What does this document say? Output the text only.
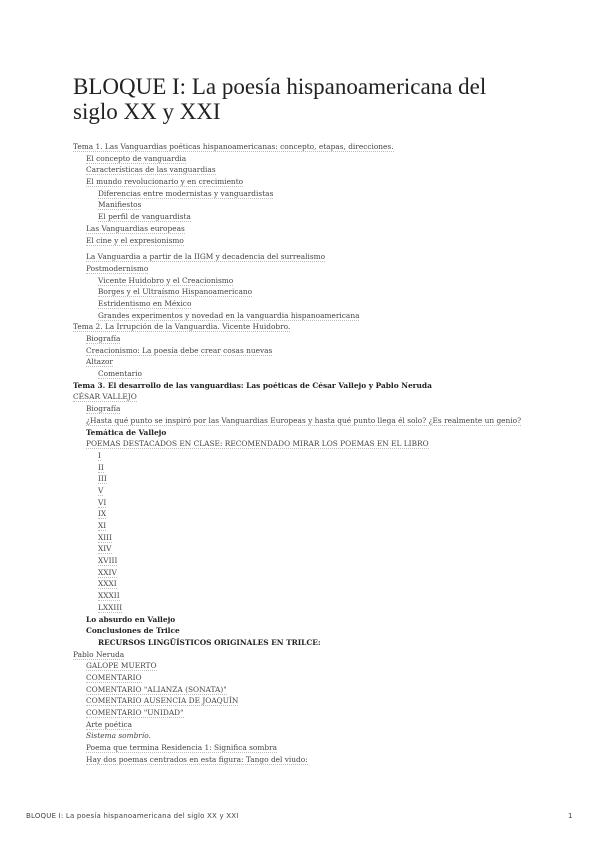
BLOQUE I: La poesía hispanoamericana del siglo XX y XXI
Tema 1. Las Vanguardias poéticas hispanoamericanas: concepto, etapas, direcciones.
El concepto de vanguardia
Características de las vanguardias
El mundo revolucionario y en crecimiento
Diferencias entre modernistas y vanguardistas
Manifiestos
El perfil de vanguardista
Las Vanguardias europeas
El cine y el expresionismo
La Vanguardia a partir de la IIGM y decadencia del surrealismo
Postmodernismo
Vicente Huidobro y el Creacionismo
Borges y el Ultraísmo Hispanoamericano
Estridentismo en México
Grandes experimentos y novedad en la vanguardia hispanoamericana
Tema 2. La Irrupción de la Vanguardia. Vicente Huidobro.
Biografía
Creacionismo: La poesía debe crear cosas nuevas
Altazor
Comentario
Tema 3. El desarrollo de las vanguardias: Las poéticas de César Vallejo y Pablo Neruda
CÉSAR VALLEJO
Biografía
¿Hasta qué punto se inspiró por las Vanguardias Europeas y hasta qué punto llega él solo? ¿Es realmente un genio?
Temática de Vallejo
POEMAS DESTACADOS EN CLASE: RECOMENDADO MIRAR LOS POEMAS EN EL LIBRO
I
II
III
V
VI
IX
XI
XIII
XIV
XVIII
XXIV
XXXI
XXXII
LXXIII
Lo absurdo en Vallejo
Conclusiones de Trilce
RECURSOS LINGÜÍSTICOS ORIGINALES EN TRILCE:
Pablo Neruda
GALOPE MUERTO
COMENTARIO
COMENTARIO "ALIANZA (SONATA)"
COMENTARIO AUSENCIA DE JOAQUÍN
COMENTARIO "UNIDAD"
Arte poética
Sistema sombrío.
Poema que termina Residencia 1: Significa sombra
Hay dos poemas centrados en esta figura: Tango del viudo:
BLOQUE I: La poesía hispanoamericana del siglo XX y XXI	1
